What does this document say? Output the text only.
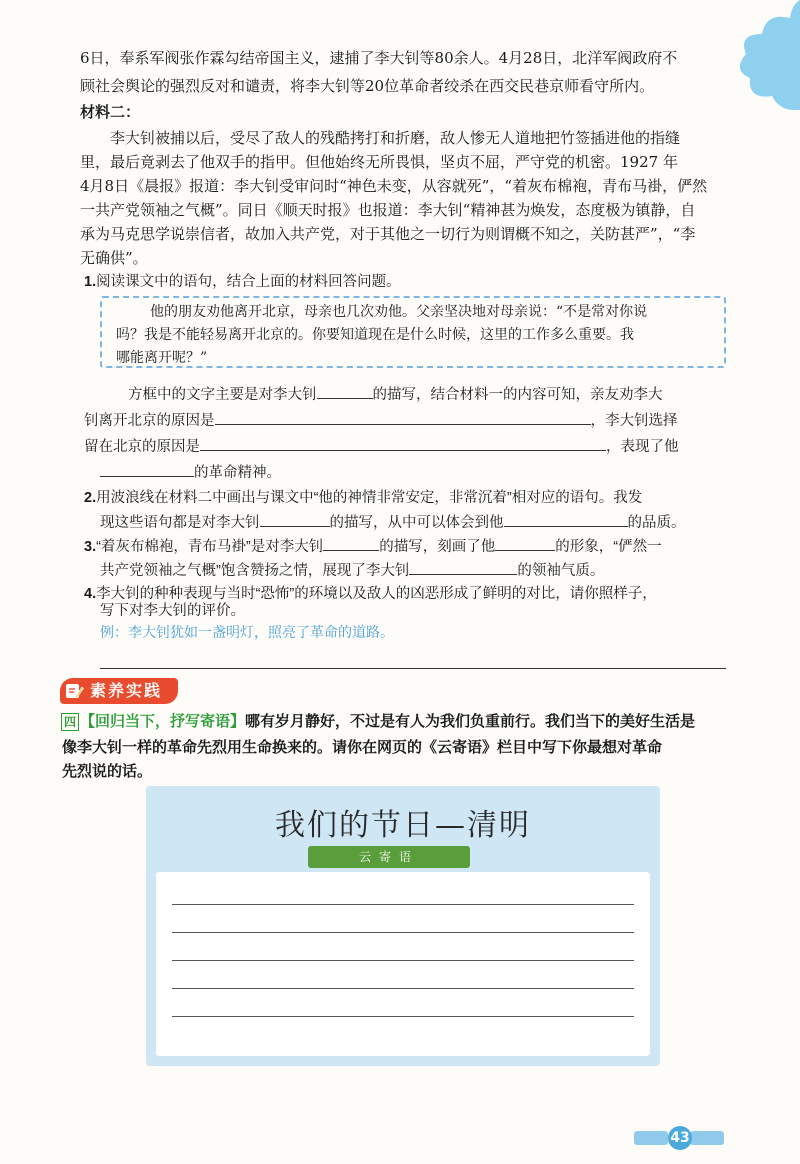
6日，奉系军阀张作霖勾结帝国主义，逮捕了李大钊等80余人。4月28日，北洋军阀政府不
顾社会舆论的强烈反对和谴责，将李大钊等20位革命者绞杀在西交民巷京师看守所内。
材料二：
李大钊被捕以后，受尽了敌人的残酷拷打和折磨，敌人惨无人道地把竹签插进他的指缝
里，最后竟剥去了他双手的指甲。但他始终无所畏惧，坚贞不屈，严守党的机密。1927 年
4月8日《晨报》报道：李大钊受审问时“神色未变，从容就死”，“着灰布棉袍，青布马褂，俨然
一共产党领袖之气概”。同日《顺天时报》也报道：李大钊“精神甚为焕发，态度极为镇静，自
承为马克思学说崇信者，故加入共产党，对于其他之一切行为则谓概不知之，关防甚严”，“李
无确供”。
1.阅读课文中的语句，结合上面的材料回答问题。
他的朋友劝他离开北京，母亲也几次劝他。父亲坚决地对母亲说：“不是常对你说
吗？我是不能轻易离开北京的。你要知道现在是什么时候，这里的工作多么重要。我
哪能离开呢？”
方框中的文字主要是对李大钊	的描写，结合材料一的内容可知，亲友劝李大
钊离开北京的原因是	，李大钊选择
留在北京的原因是	，表现了他
的革命精神。
2.用波浪线在材料二中画出与课文中“他的神情非常安定，非常沉着”相对应的语句。我发
现这些语句都是对李大钊	的描写，从中可以体会到他	的品质。
3.“着灰布棉袍，青布马褂”是对李大钊	的描写，刻画了他	的形象，“俨然一
共产党领袖之气概”饱含赞扬之情，展现了李大钊	的领袖气质。
4.李大钊的种种表现与当时“恐怖”的环境以及敌人的凶恶形成了鲜明的对比，请你照样子，
写下对李大钊的评价。
例：李大钊犹如一盏明灯，照亮了革命的道路。
素养实践
四 【回归当下，抒写寄语】哪有岁月静好，不过是有人为我们负重前行。我们当下的美好生活是
像李大钊一样的革命先烈用生命换来的。请你在网页的《云寄语》栏目中写下你最想对革命
先烈说的话。
我们的节日—清明
云寄语
43
